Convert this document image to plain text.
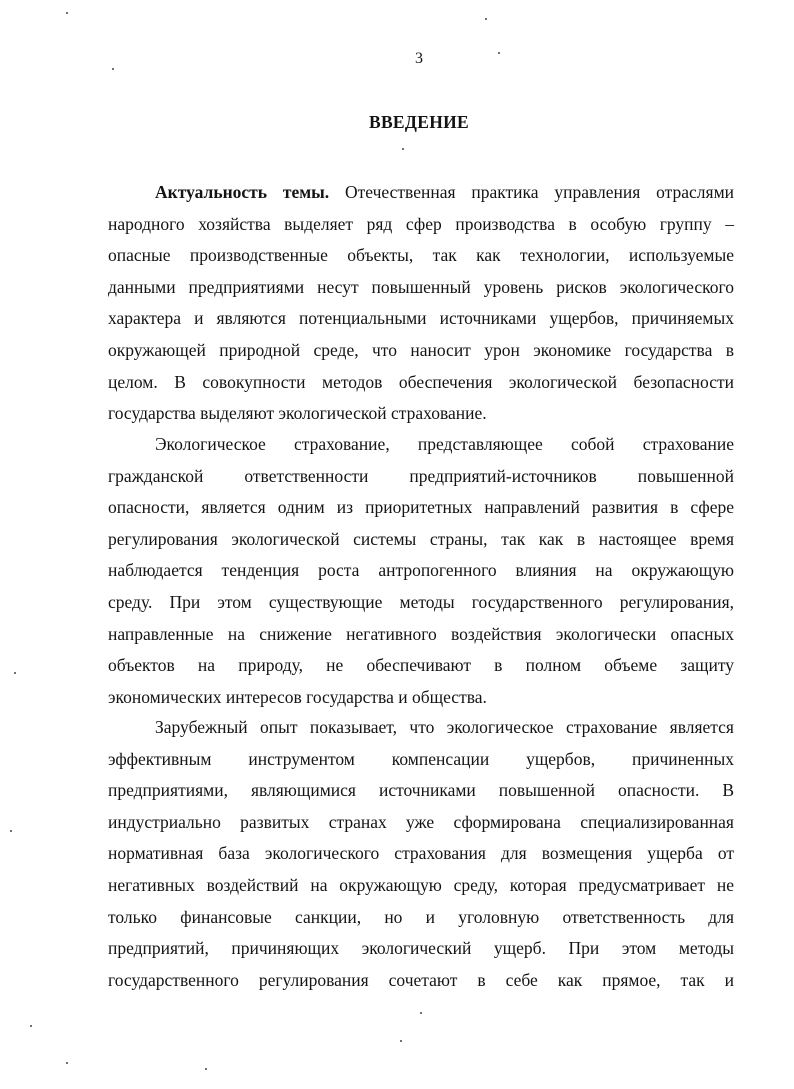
3
ВВЕДЕНИЕ
Актуальность темы. Отечественная практика управления отраслями
народного хозяйства выделяет ряд сфер производства в особую группу –
опасные производственные объекты, так как технологии, используемые
данными предприятиями несут повышенный уровень рисков экологического
характера и являются потенциальными источниками ущербов, причиняемых
окружающей природной среде, что наносит урон экономике государства в
целом. В совокупности методов обеспечения экологической безопасности
государства выделяют экологической страхование.
Экологическое страхование, представляющее собой страхование
гражданской ответственности предприятий-источников повышенной
опасности, является одним из приоритетных направлений развития в сфере
регулирования экологической системы страны, так как в настоящее время
наблюдается тенденция роста антропогенного влияния на окружающую
среду. При этом существующие методы государственного регулирования,
направленные на снижение негативного воздействия экологически опасных
объектов на природу, не обеспечивают в полном объеме защиту
экономических интересов государства и общества.
Зарубежный опыт показывает, что экологическое страхование является
эффективным инструментом компенсации ущербов, причиненных
предприятиями, являющимися источниками повышенной опасности. В
индустриально развитых странах уже сформирована специализированная
нормативная база экологического страхования для возмещения ущерба от
негативных воздействий на окружающую среду, которая предусматривает не
только финансовые санкции, но и уголовную ответственность для
предприятий, причиняющих экологический ущерб. При этом методы
государственного регулирования сочетают в себе как прямое, так и
